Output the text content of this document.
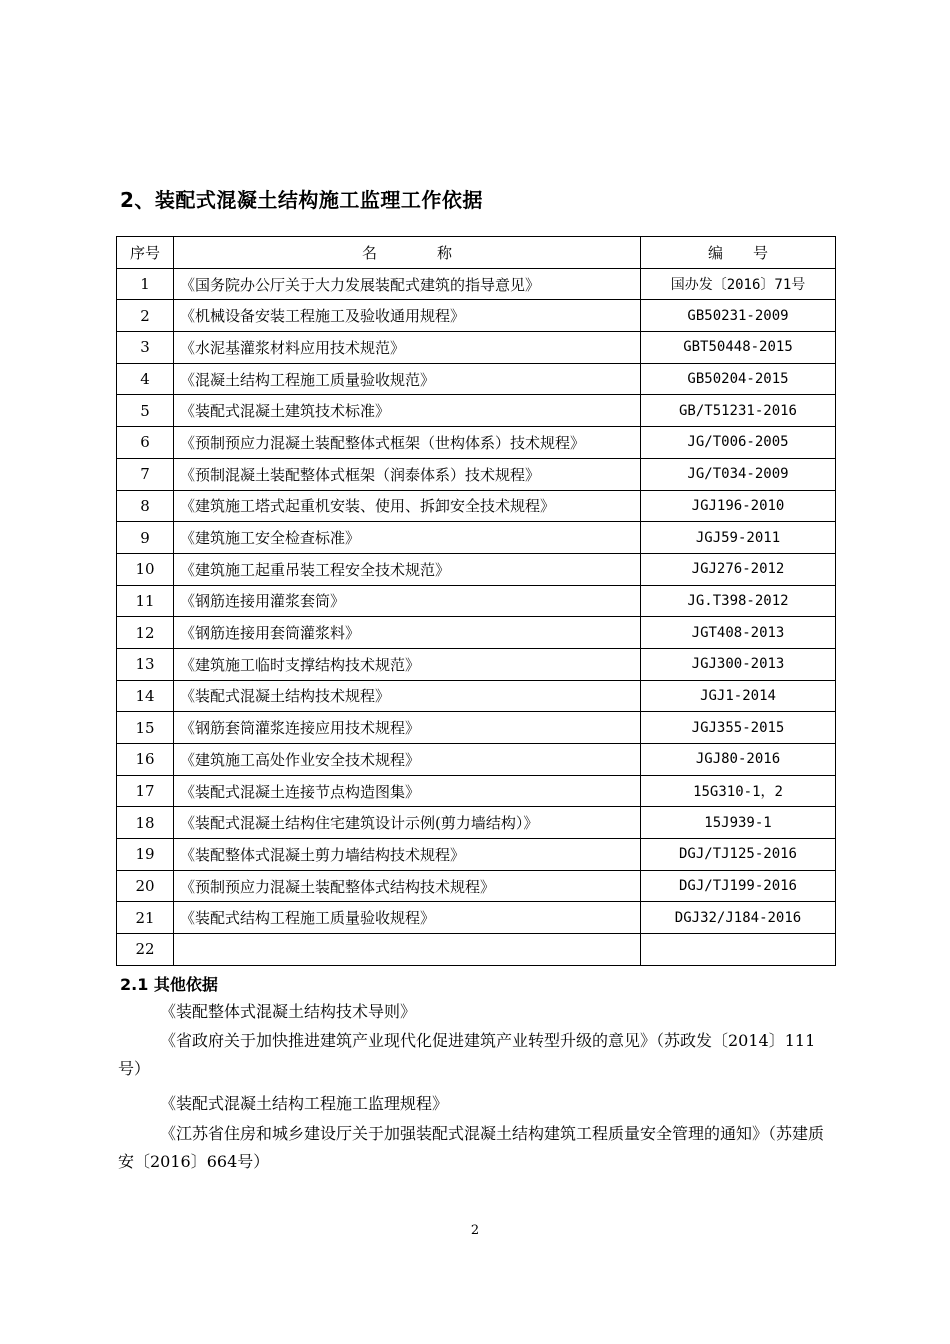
2、装配式混凝土结构施工监理工作依据
序号	名　　　　称	编　　号
1	《国务院办公厅关于大力发展装配式建筑的指导意见》	国办发〔2016〕71号
2	《机械设备安装工程施工及验收通用规程》	GB50231-2009
3	《水泥基灌浆材料应用技术规范》	GBT50448-2015
4	《混凝土结构工程施工质量验收规范》	GB50204-2015
5	《装配式混凝土建筑技术标准》	GB/T51231-2016
6	《预制预应力混凝土装配整体式框架（世构体系）技术规程》	JG/T006-2005
7	《预制混凝土装配整体式框架（润泰体系）技术规程》	JG/T034-2009
8	《建筑施工塔式起重机安装、使用、拆卸安全技术规程》	JGJ196-2010
9	《建筑施工安全检查标准》	JGJ59-2011
10	《建筑施工起重吊装工程安全技术规范》	JGJ276-2012
11	《钢筋连接用灌浆套筒》	JG.T398-2012
12	《钢筋连接用套筒灌浆料》	JGT408-2013
13	《建筑施工临时支撑结构技术规范》	JGJ300-2013
14	《装配式混凝土结构技术规程》	JGJ1-2014
15	《钢筋套筒灌浆连接应用技术规程》	JGJ355-2015
16	《建筑施工高处作业安全技术规程》	JGJ80-2016
17	《装配式混凝土连接节点构造图集》	15G310-1，2
18	《装配式混凝土结构住宅建筑设计示例(剪力墙结构）》	15J939-1
19	《装配整体式混凝土剪力墙结构技术规程》	DGJ/TJ125-2016
20	《预制预应力混凝土装配整体式结构技术规程》	DGJ/TJ199-2016
21	《装配式结构工程施工质量验收规程》	DGJ32/J184-2016
22		
2.1 其他依据
《装配整体式混凝土结构技术导则》
《省政府关于加快推进建筑产业现代化促进建筑产业转型升级的意见》（苏政发〔2014〕111号）
《装配式混凝土结构工程施工监理规程》
《江苏省住房和城乡建设厅关于加强装配式混凝土结构建筑工程质量安全管理的通知》（苏建质安〔2016〕664号）
2
